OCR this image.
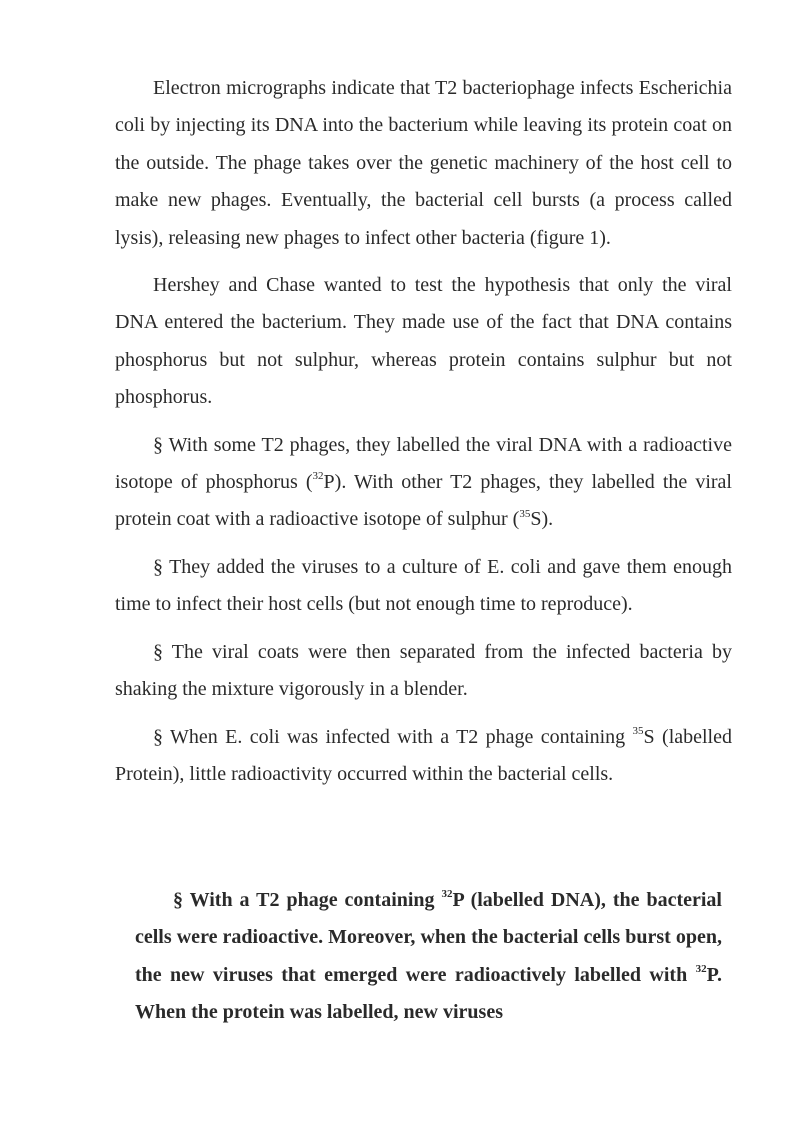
Electron micrographs indicate that T2 bacteriophage infects Escherichia coli by injecting its DNA into the bacterium while leaving its protein coat on the outside. The phage takes over the genetic machinery of the host cell to make new phages. Eventually, the bacterial cell bursts (a process called lysis), releasing new phages to infect other bacteria (figure 1).

Hershey and Chase wanted to test the hypothesis that only the viral DNA entered the bacterium. They made use of the fact that DNA contains phosphorus but not sulphur, whereas protein contains sulphur but not phosphorus.

§ With some T2 phages, they labelled the viral DNA with a radioactive isotope of phosphorus ($^{32}$P). With other T2 phages, they labelled the viral protein coat with a radioactive isotope of sulphur ($^{35}$S).

§ They added the viruses to a culture of E. coli and gave them enough time to infect their host cells (but not enough time to reproduce).

§ The viral coats were then separated from the infected bacteria by shaking the mixture vigorously in a blender.

§ When E. coli was infected with a T2 phage containing $^{35}$S (labelled Protein), little radioactivity occurred within the bacterial cells.

§ With a T2 phage containing $^{32}$P (labelled DNA), the bacterial cells were radioactive. Moreover, when the bacterial cells burst open, the new viruses that emerged were radioactively labelled with $^{32}$P. When the protein was labelled, new viruses
